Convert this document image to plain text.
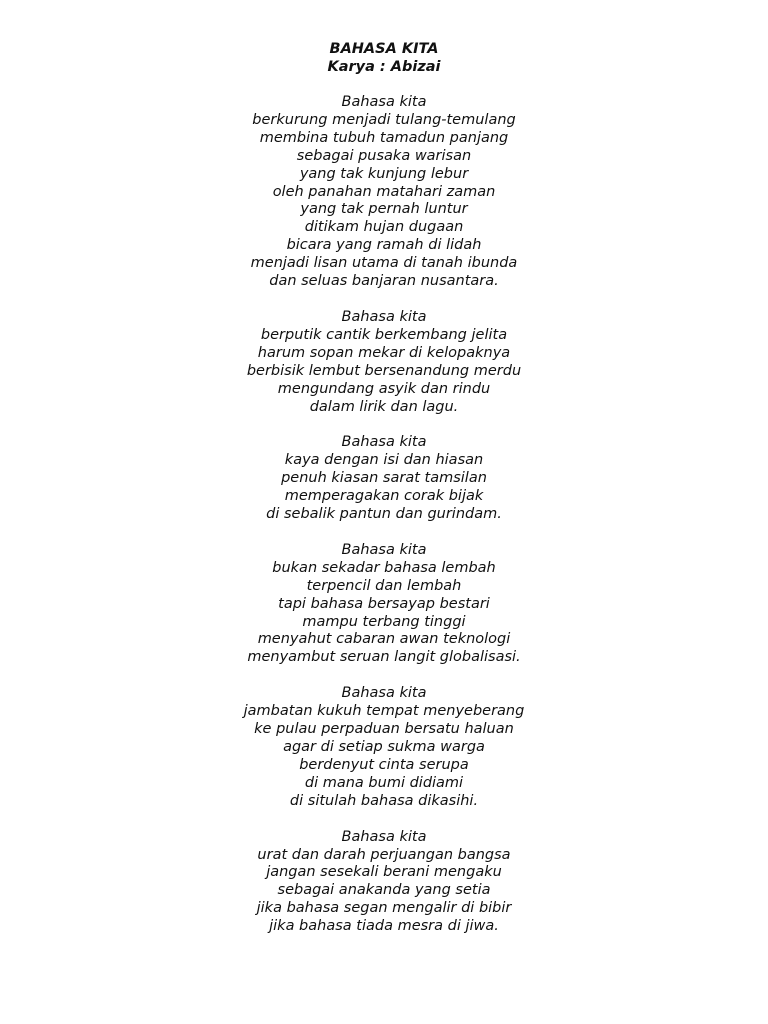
BAHASA KITA

Karya : Abizai

Bahasa kita
berkurung menjadi tulang-temulang
membina tubuh tamadun panjang
sebagai pusaka warisan
yang tak kunjung lebur
oleh panahan matahari zaman
yang tak pernah luntur
ditikam hujan dugaan
bicara yang ramah di lidah
menjadi lisan utama di tanah ibunda
dan seluas banjaran nusantara.
Bahasa kita
berputik cantik berkembang jelita
harum sopan mekar di kelopaknya
berbisik lembut bersenandung merdu
mengundang asyik dan rindu
dalam lirik dan lagu.
Bahasa kita
kaya dengan isi dan hiasan
penuh kiasan sarat tamsilan
memperagakan corak bijak
di sebalik pantun dan gurindam.
Bahasa kita
bukan sekadar bahasa lembah
terpencil dan lembah
tapi bahasa bersayap bestari
mampu terbang tinggi
menyahut cabaran awan teknologi
menyambut seruan langit globalisasi.
Bahasa kita
jambatan kukuh tempat menyeberang
ke pulau perpaduan bersatu haluan
agar di setiap sukma warga
berdenyut cinta serupa
di mana bumi didiami
di situlah bahasa dikasihi.
Bahasa kita
urat dan darah perjuangan bangsa
jangan sesekali berani mengaku
sebagai anakanda yang setia
jika bahasa segan mengalir di bibir
jika bahasa tiada mesra di jiwa.
